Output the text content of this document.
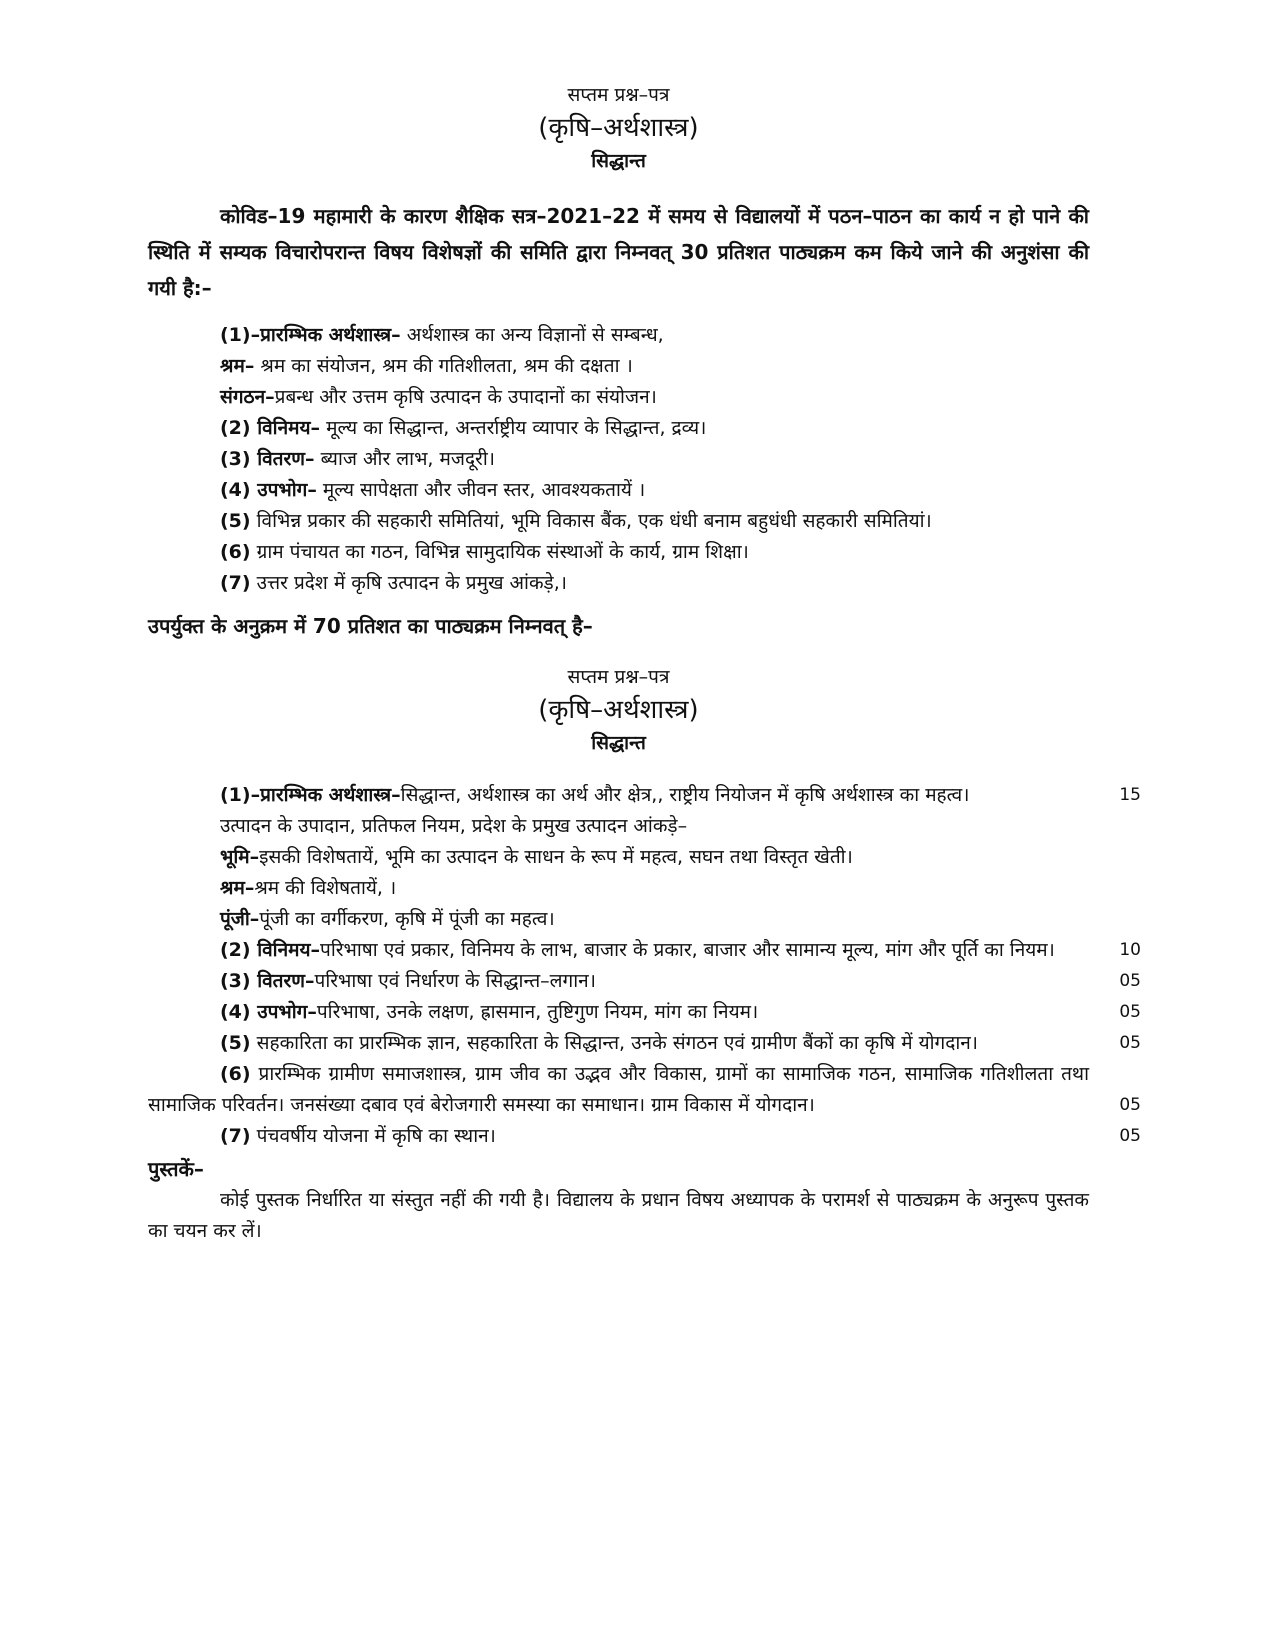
सप्तम प्रश्न–पत्र
(कृषि–अर्थशास्त्र)
सिद्धान्त

कोविड–19 महामारी के कारण शैक्षिक सत्र–2021–22 में समय से विद्यालयों में पठन–पाठन का कार्य न हो पाने की स्थिति में सम्यक विचारोपरान्त विषय विशेषज्ञों की समिति द्वारा निम्नवत् 30 प्रतिशत पाठ्यक्रम कम किये जाने की अनुशंसा की गयी है:–

(1)–प्रारम्भिक अर्थशास्त्र– अर्थशास्त्र का अन्य विज्ञानों से सम्बन्ध,

श्रम– श्रम का संयोजन, श्रम की गतिशीलता, श्रम की दक्षता ।

संगठन–प्रबन्ध और उत्तम कृषि उत्पादन के उपादानों का संयोजन।

(2) विनिमय– मूल्य का सिद्धान्त, अन्तर्राष्ट्रीय व्यापार के सिद्धान्त, द्रव्य।

(3) वितरण– ब्याज और लाभ, मजदूरी।

(4) उपभोग– मूल्य सापेक्षता और जीवन स्तर, आवश्यकतायें ।

(5) विभिन्न प्रकार की सहकारी समितियां, भूमि विकास बैंक, एक धंधी बनाम बहुधंधी सहकारी समितियां।

(6) ग्राम पंचायत का गठन, विभिन्न सामुदायिक संस्थाओं के कार्य, ग्राम शिक्षा।

(7) उत्तर प्रदेश में कृषि उत्पादन के प्रमुख आंकड़े,।

उपर्युक्त के अनुक्रम में 70 प्रतिशत का पाठ्यक्रम निम्नवत् है–

सप्तम प्रश्न–पत्र
(कृषि–अर्थशास्त्र)
सिद्धान्त

(1)–प्रारम्भिक अर्थशास्त्र–सिद्धान्त, अर्थशास्त्र का अर्थ और क्षेत्र,, राष्ट्रीय नियोजन में कृषि अर्थशास्त्र का महत्व।	15

उत्पादन के उपादान, प्रतिफल नियम, प्रदेश के प्रमुख उत्पादन आंकड़े–

भूमि–इसकी विशेषतायें, भूमि का उत्पादन के साधन के रूप में महत्व, सघन तथा विस्तृत खेती।

श्रम–श्रम की विशेषतायें, ।

पूंजी–पूंजी का वर्गीकरण, कृषि में पूंजी का महत्व।

(2) विनिमय–परिभाषा एवं प्रकार, विनिमय के लाभ, बाजार के प्रकार, बाजार और सामान्य मूल्य, मांग और पूर्ति का नियम।	10

(3) वितरण–परिभाषा एवं निर्धारण के सिद्धान्त–लगान।	05

(4) उपभोग–परिभाषा, उनके लक्षण, ह्रासमान, तुष्टिगुण नियम, मांग का नियम।	05

(5) सहकारिता का प्रारम्भिक ज्ञान, सहकारिता के सिद्धान्त, उनके संगठन एवं ग्रामीण बैंकों का कृषि में योगदान।	05

(6) प्रारम्भिक ग्रामीण समाजशास्त्र, ग्राम जीव का उद्भव और विकास, ग्रामों का सामाजिक गठन, सामाजिक गतिशीलता तथा सामाजिक परिवर्तन। जनसंख्या दबाव एवं बेरोजगारी समस्या का समाधान। ग्राम विकास में योगदान।	05

(7) पंचवर्षीय योजना में कृषि का स्थान।	05

पुस्तकें–

कोई पुस्तक निर्धारित या संस्तुत नहीं की गयी है। विद्यालय के प्रधान विषय अध्यापक के परामर्श से पाठ्यक्रम के अनुरूप पुस्तक का चयन कर लें।
